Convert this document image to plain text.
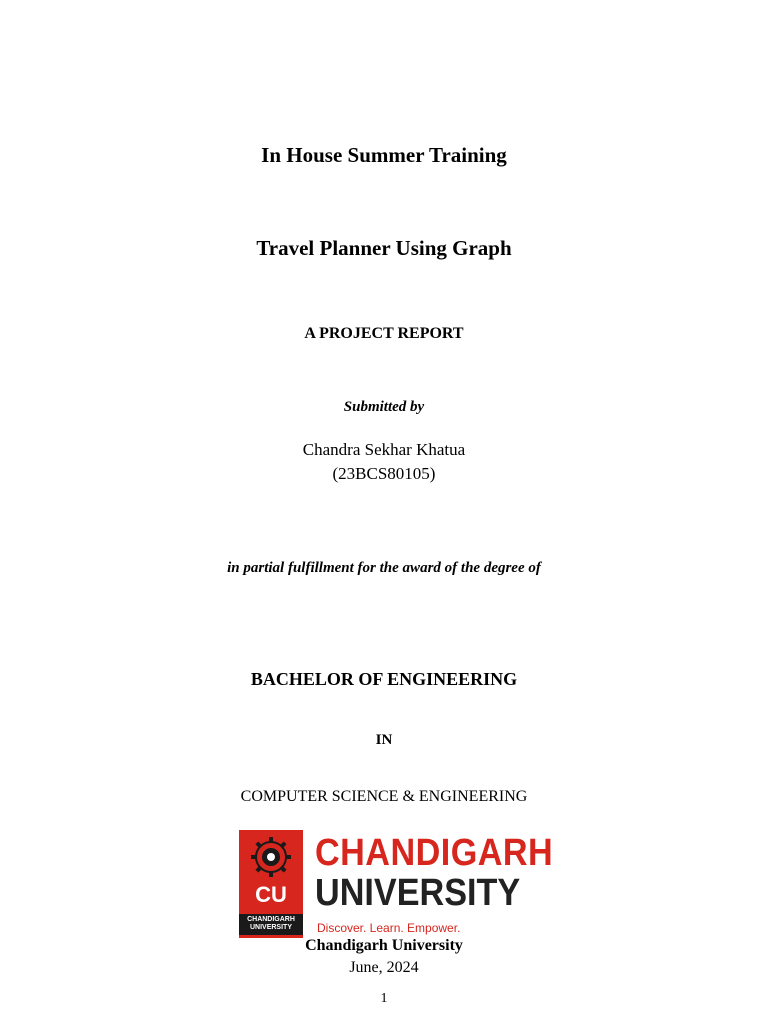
In House Summer Training
Travel Planner Using Graph
A PROJECT REPORT
Submitted by
Chandra Sekhar Khatua
(23BCS80105)
in partial fulfillment for the award of the degree of
BACHELOR OF ENGINEERING
IN
COMPUTER SCIENCE & ENGINEERING
CU
CHANDIGARH
UNIVERSITY
CHANDIGARH
UNIVERSITY
Discover. Learn. Empower.
Chandigarh University
June, 2024
1
